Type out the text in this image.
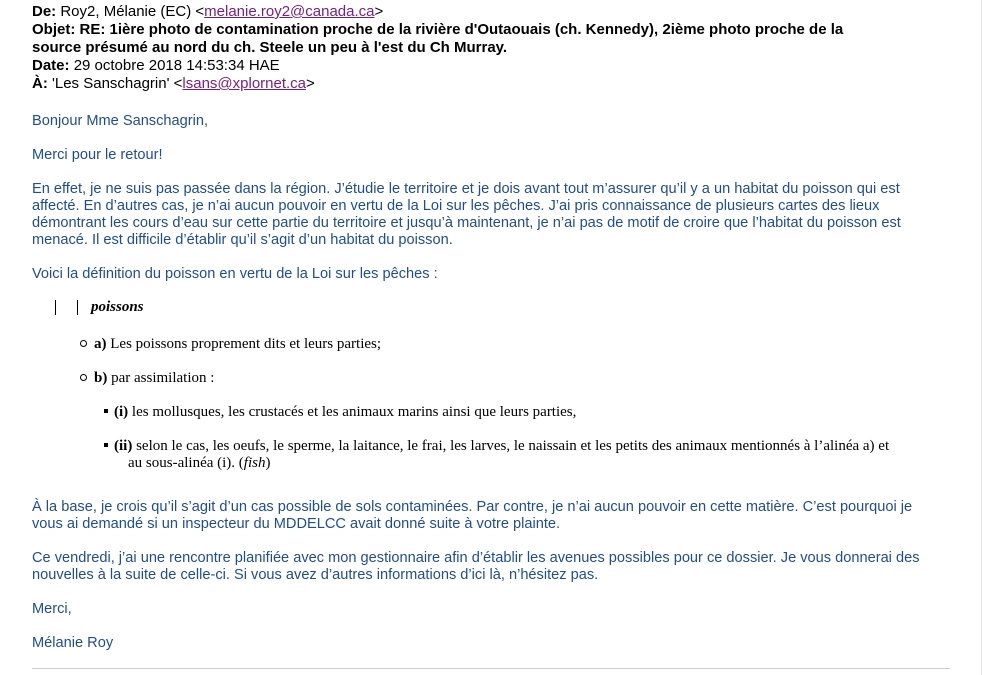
De: Roy2, Mélanie (EC) <melanie.roy2@canada.ca>

Objet: RE: 1ière photo de contamination proche de la rivière d'Outaouais (ch. Kennedy), 2ième photo proche de la
source présumé au nord du ch. Steele un peu à l'est du Ch Murray.

Date: 29 octobre 2018 14:53:34 HAE

À: 'Les Sanschagrin' <lsans@xplornet.ca>

Bonjour Mme Sanschagrin,
Merci pour le retour!
En effet, je ne suis pas passée dans la région. J’étudie le territoire et je dois avant tout m’assurer qu’il y a un habitat du poisson qui est
affecté. En d’autres cas, je n’ai aucun pouvoir en vertu de la Loi sur les pêches. J’ai pris connaissance de plusieurs cartes des lieux
démontrant les cours d’eau sur cette partie du territoire et jusqu’à maintenant, je n’ai pas de motif de croire que l’habitat du poisson est
menacé. Il est difficile d’établir qu’il s’agit d’un habitat du poisson.
Voici la définition du poisson en vertu de la Loi sur les pêches :
poissons
a) Les poissons proprement dits et leurs parties;
b) par assimilation :
(i) les mollusques, les crustacés et les animaux marins ainsi que leurs parties,
(ii) selon le cas, les oeufs, le sperme, la laitance, le frai, les larves, le naissain et les petits des animaux mentionnés à l’alinéa a) et
au sous-alinéa (i). (fish)
À la base, je crois qu’il s’agit d’un cas possible de sols contaminées. Par contre, je n’ai aucun pouvoir en cette matière. C’est pourquoi je
vous ai demandé si un inspecteur du MDDELCC avait donné suite à votre plainte.
Ce vendredi, j’ai une rencontre planifiée avec mon gestionnaire afin d’établir les avenues possibles pour ce dossier. Je vous donnerai des
nouvelles à la suite de celle-ci. Si vous avez d’autres informations d’ici là, n’hésitez pas.
Merci,
Mélanie Roy
